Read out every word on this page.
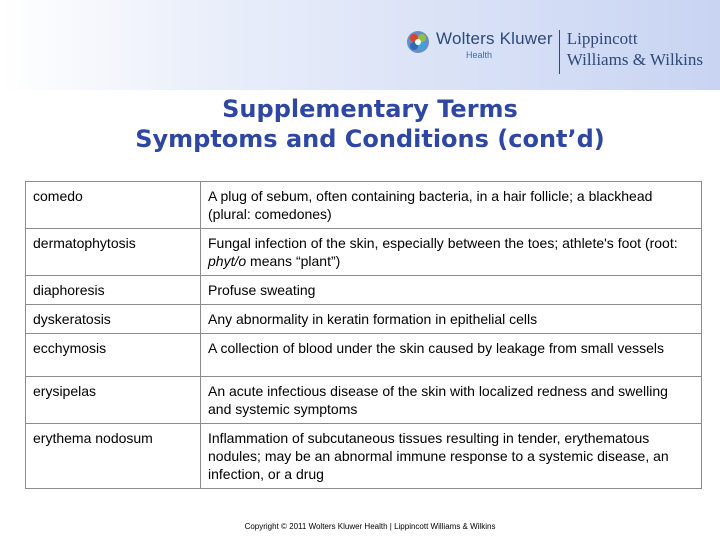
Wolters Kluwer
Health
Lippincott
Williams & Wilkins
Supplementary Terms
Symptoms and Conditions (cont’d)
comedo	A plug of sebum, often containing bacteria, in a hair follicle; a blackhead (plural: comedones)
dermatophytosis	Fungal infection of the skin, especially between the toes; athlete's foot (root: phyt/o means “plant”)
diaphoresis	Profuse sweating
dyskeratosis	Any abnormality in keratin formation in epithelial cells
ecchymosis	A collection of blood under the skin caused by leakage from small vessels
erysipelas	An acute infectious disease of the skin with localized redness and swelling and systemic symptoms
erythema nodosum	Inflammation of subcutaneous tissues resulting in tender, erythematous nodules; may be an abnormal immune response to a systemic disease, an infection, or a drug
Copyright © 2011 Wolters Kluwer Health | Lippincott Williams & Wilkins
